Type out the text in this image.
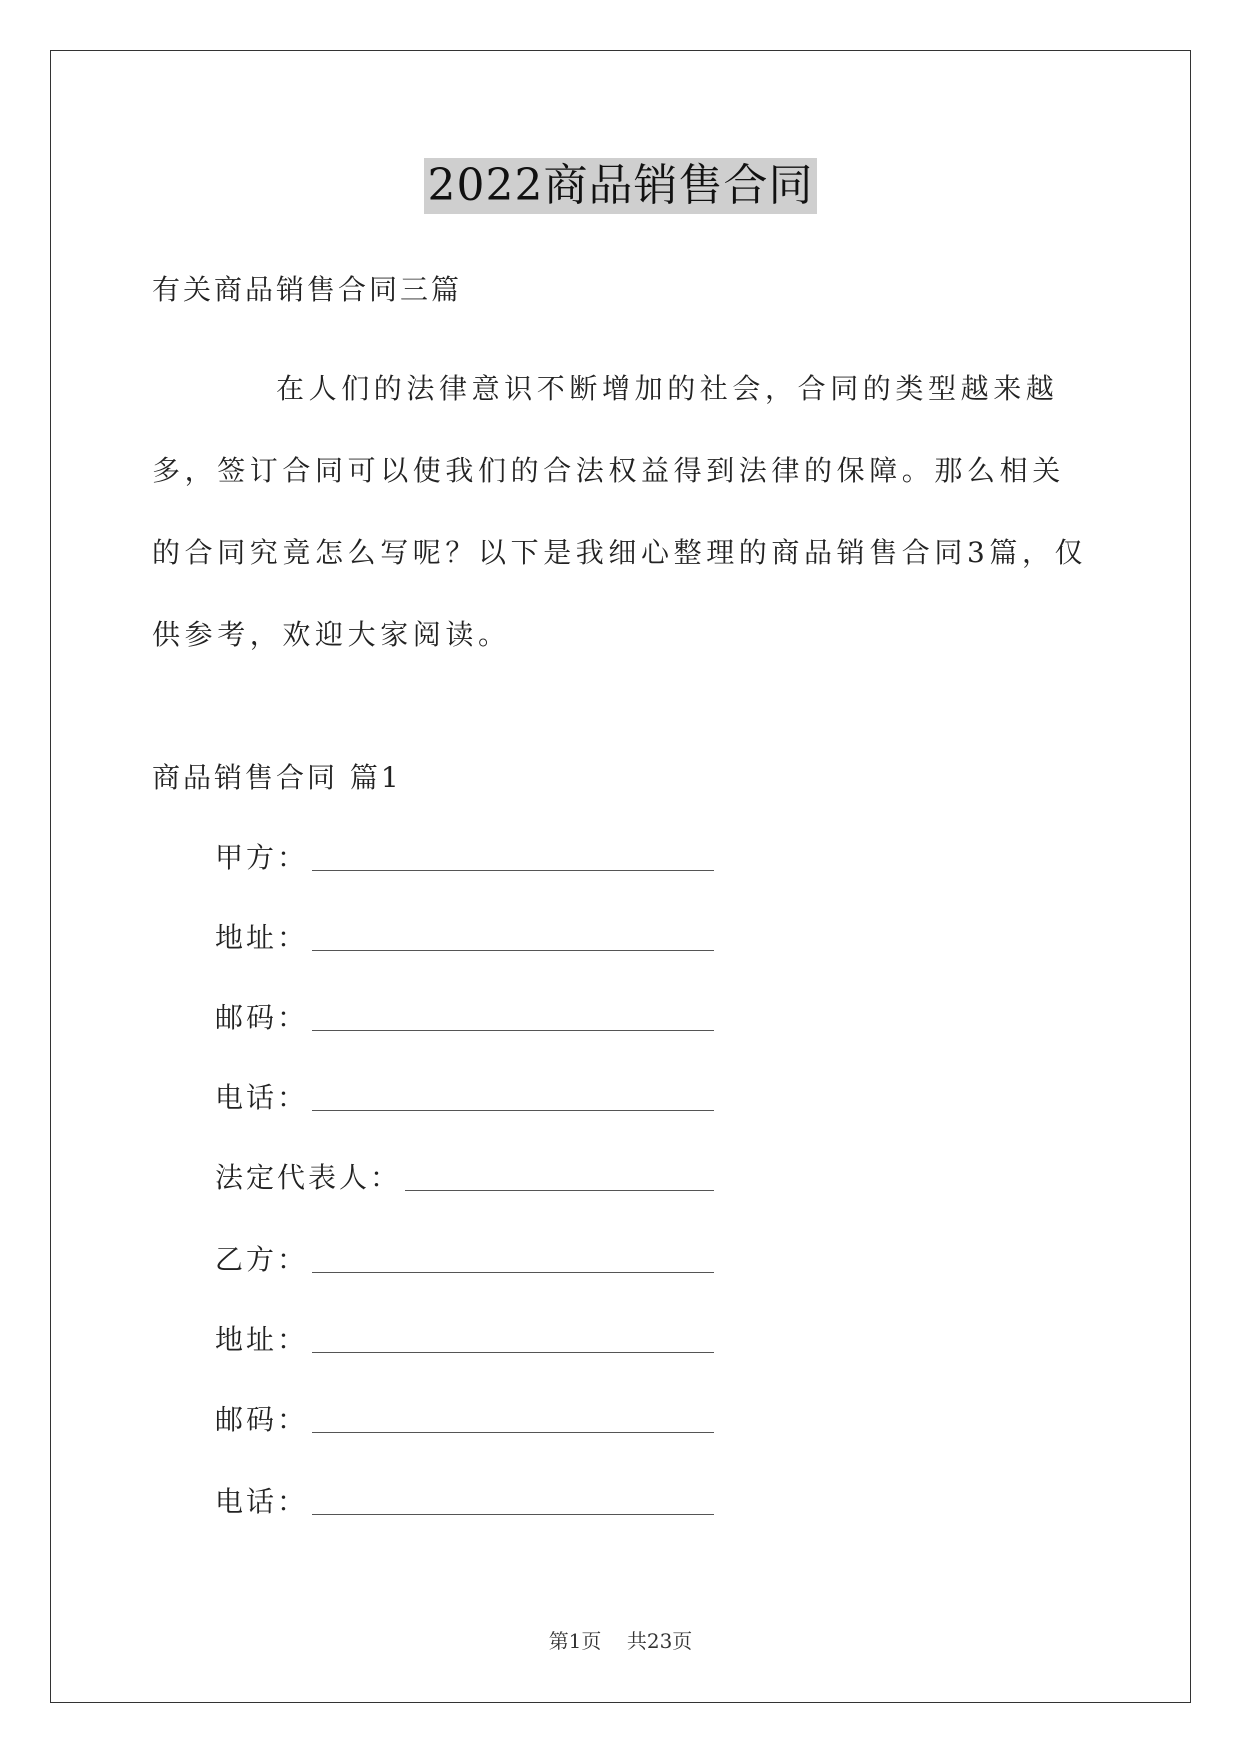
2022商品销售合同
有关商品销售合同三篇

在人们的法律意识不断增加的社会，合同的类型越来越多，签订合同可以使我们的合法权益得到法律的保障。那么相关的合同究竟怎么写呢？以下是我细心整理的商品销售合同3篇，仅供参考，欢迎大家阅读。

商品销售合同 篇1
甲方：
地址：
邮码：
电话：
法定代表人：
乙方：
地址：
邮码：
电话：
第1页 共23页
